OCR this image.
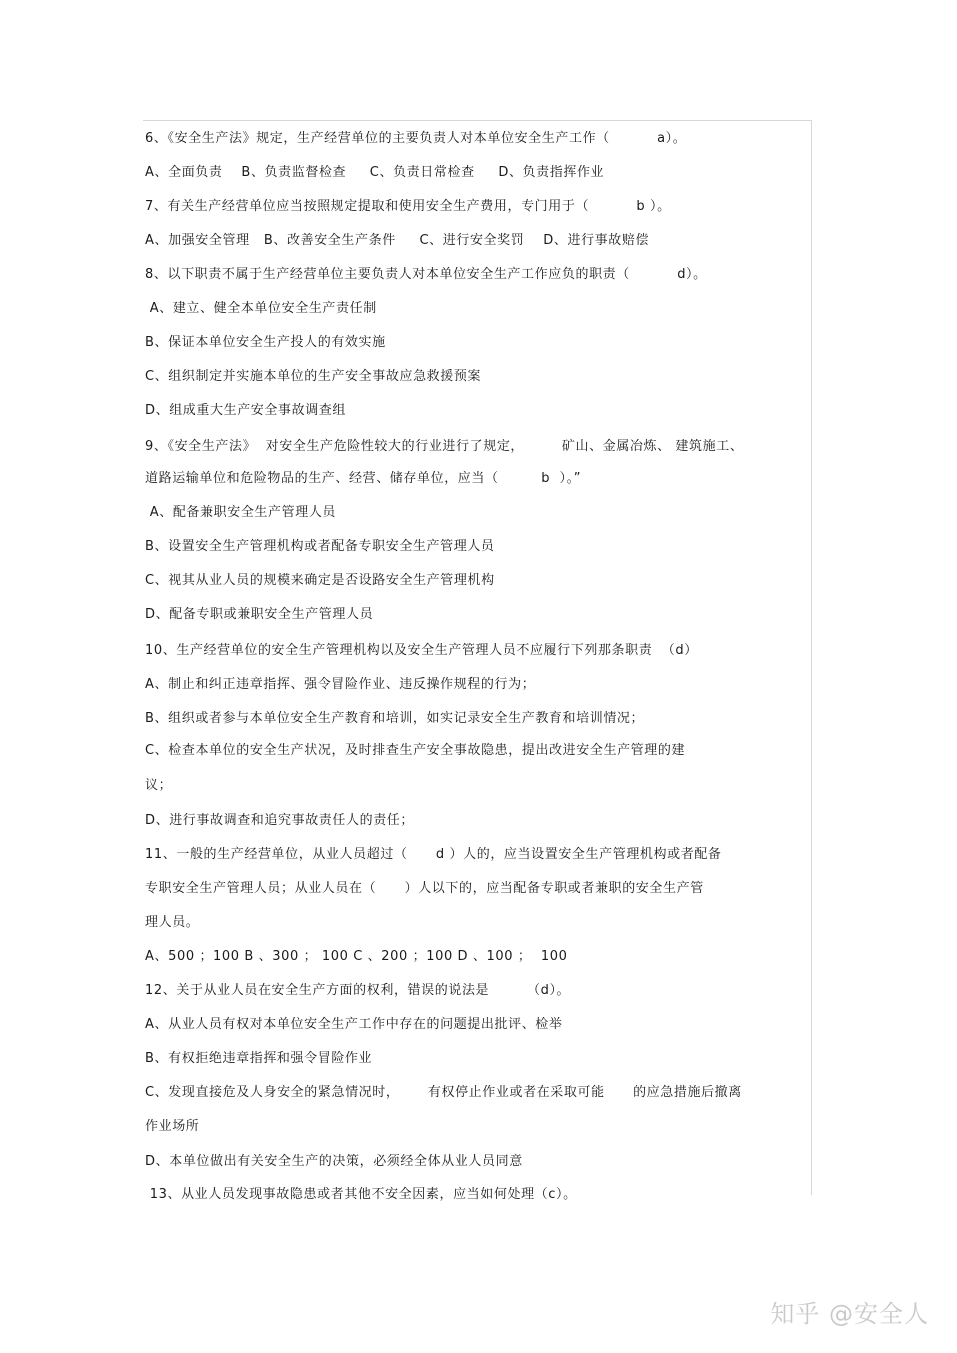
6、《安全生产法》规定，生产经营单位的主要负责人对本单位安全生产工作（          a）。
A、全面负责    B、负责监督检查     C、负责日常检查     D、负责指挥作业
7、有关生产经营单位应当按照规定提取和使用安全生产费用，专门用于（          b ）。
A、加强安全管理   B、改善安全生产条件     C、进行安全奖罚    D、进行事故赔偿
8、以下职责不属于生产经营单位主要负责人对本单位安全生产工作应负的职责（          d）。
A、建立、健全本单位安全生产责任制
B、保证本单位安全生产投人的有效实施
C、组织制定并实施本单位的生产安全事故应急救援预案
D、组成重大生产安全事故调查组
9、《安全生产法》  对安全生产危险性较大的行业进行了规定，        矿山、金属冶炼、 建筑施工、
道路运输单位和危险物品的生产、经营、储存单位，应当（         b  ）。”
A、配备兼职安全生产管理人员
B、设置安全生产管理机构或者配备专职安全生产管理人员
C、视其从业人员的规模来确定是否设路安全生产管理机构
D、配备专职或兼职安全生产管理人员
10、生产经营单位的安全生产管理机构以及安全生产管理人员不应履行下列那条职责  （d）
A、制止和纠正违章指挥、强令冒险作业、违反操作规程的行为；
B、组织或者参与本单位安全生产教育和培训，如实记录安全生产教育和培训情况；
C、检查本单位的安全生产状况，及时排查生产安全事故隐患，提出改进安全生产管理的建
议；
D、进行事故调查和追究事故责任人的责任；
11、一般的生产经营单位，从业人员超过（      d ）人的，应当设置安全生产管理机构或者配备
专职安全生产管理人员；从业人员在（      ）人以下的，应当配备专职或者兼职的安全生产管
理人员。
A、500 ；100 B 、300 ； 100 C 、200 ；100 D 、100 ；  100
12、关于从业人员在安全生产方面的权利，错误的说法是        （d）。
A、从业人员有权对本单位安全生产工作中存在的问题提出批评、检举
B、有权拒绝违章指挥和强令冒险作业
C、发现直接危及人身安全的紧急情况时，      有权停止作业或者在采取可能      的应急措施后撤离
作业场所
D、本单位做出有关安全生产的决策，必须经全体从业人员同意
13、从业人员发现事故隐患或者其他不安全因素，应当如何处理（c）。
知乎 @安全人
